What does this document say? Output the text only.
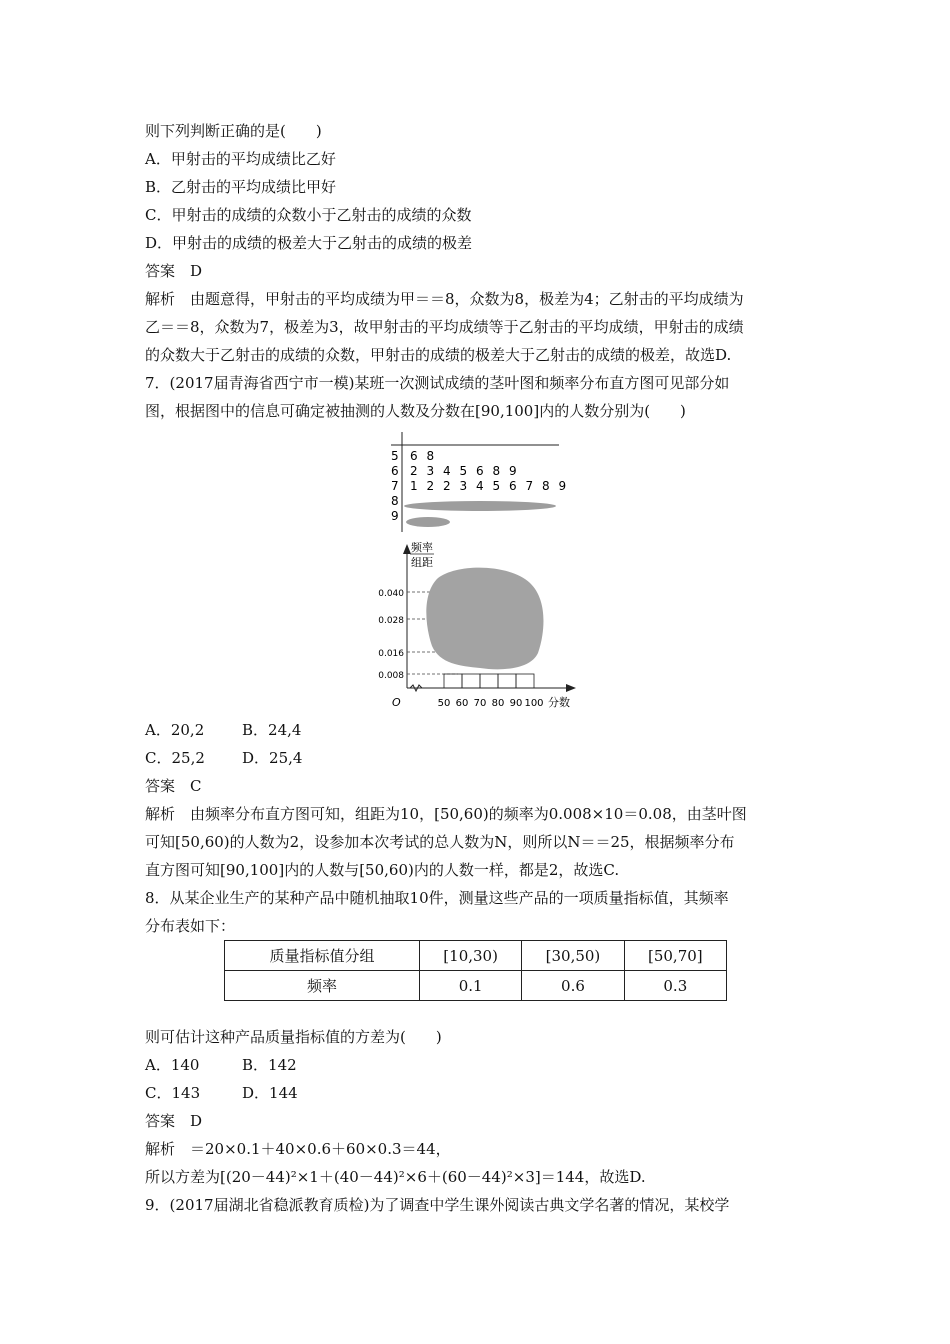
则下列判断正确的是(　　)
A．甲射击的平均成绩比乙好
B．乙射击的平均成绩比甲好
C．甲射击的成绩的众数小于乙射击的成绩的众数
D．甲射击的成绩的极差大于乙射击的成绩的极差
答案　D
解析　由题意得，甲射击的平均成绩为甲＝＝8，众数为8，极差为4；乙射击的平均成绩为
乙＝＝8，众数为7，极差为3，故甲射击的平均成绩等于乙射击的平均成绩，甲射击的成绩
的众数大于乙射击的成绩的众数，甲射击的成绩的极差大于乙射击的成绩的极差，故选D.
7．(2017届青海省西宁市一模)某班一次测试成绩的茎叶图和频率分布直方图可见部分如
图，根据图中的信息可确定被抽测的人数及分数在[90,100]内的人数分别为(　　)
5 6 8
6 2 3 4 5 6 8 9
7 1 2 2 3 4 5 6 7 8 9
8
9
频率
组距
0.040
0.028
0.016
0.008
50 60 70 80 90 100
O	分数
A．20,2	B．24,4
C．25,2 D．25,4
答案　C
解析　由频率分布直方图可知，组距为10，[50,60)的频率为0.008×10＝0.08，由茎叶图
可知[50,60)的人数为2，设参加本次考试的总人数为N，则所以N＝＝25，根据频率分布
直方图可知[90,100]内的人数与[50,60)内的人数一样，都是2，故选C.
8．从某企业生产的某种产品中随机抽取10件，测量这些产品的一项质量指标值，其频率
分布表如下：
质量指标值分组	[10,30)	[30,50)	[50,70]
频率	0.1	0.6	0.3
则可估计这种产品质量指标值的方差为(　　)
A．140	B．142
C．143	D．144
答案　D
解析　＝20×0.1＋40×0.6＋60×0.3＝44，
所以方差为[(20－44)²×1＋(40－44)²×6＋(60－44)²×3]＝144，故选D.
9．(2017届湖北省稳派教育质检)为了调查中学生课外阅读古典文学名著的情况，某校学
